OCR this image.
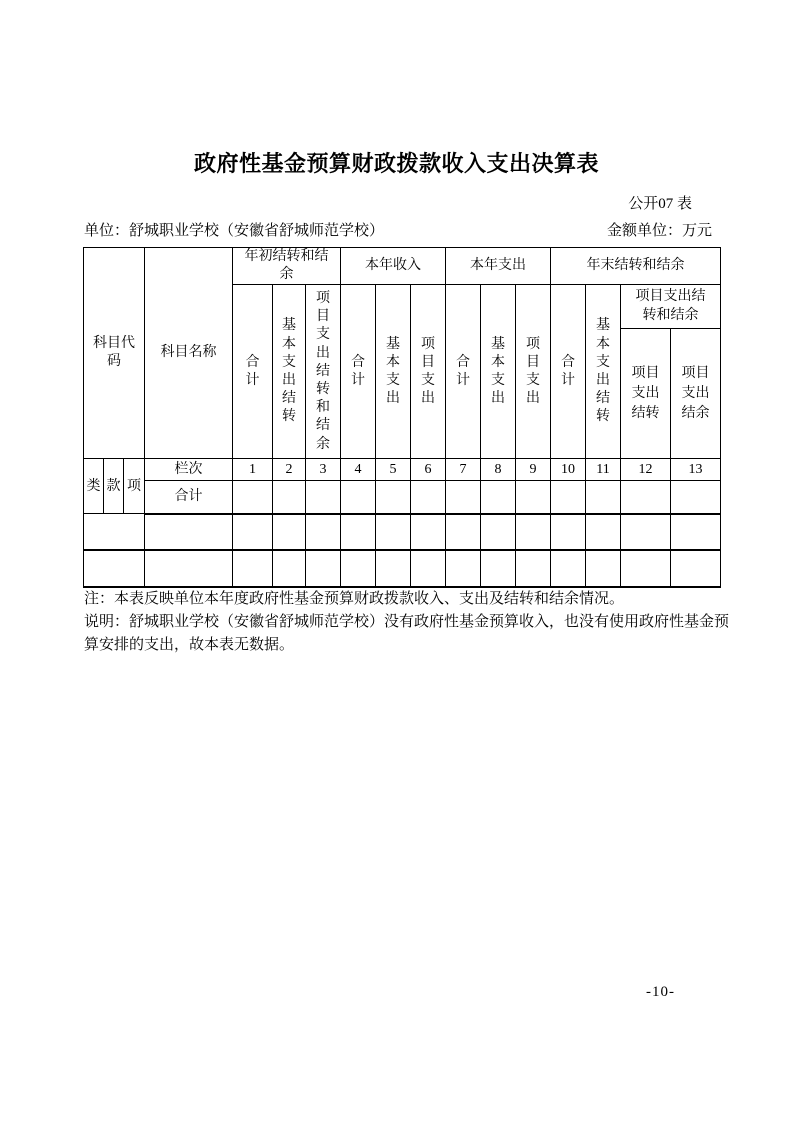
政府性基金预算财政拨款收入支出决算表
公开07 表
单位：舒城职业学校（安徽省舒城师范学校）	金额单位：万元
科目代码			科目名称	年初结转和结余			本年收入			本年支出			年末结转和结余			
				合计	基本支出结转	项目支出结转和结余	合计	基本支出	项目支出	合计	基本支出	项目支出	合计	基本支出结转	项目支出结转和结余	
															项目支出结转	项目支出结余
类	款	项	栏次	1	2	3	4	5	6	7	8	9	10	11	12	13
			合计													

注：本表反映单位本年度政府性基金预算财政拨款收入、支出及结转和结余情况。

说明：舒城职业学校（安徽省舒城师范学校）没有政府性基金预算收入，也没有使用政府性基金预算安排的支出，故本表无数据。

-10-
